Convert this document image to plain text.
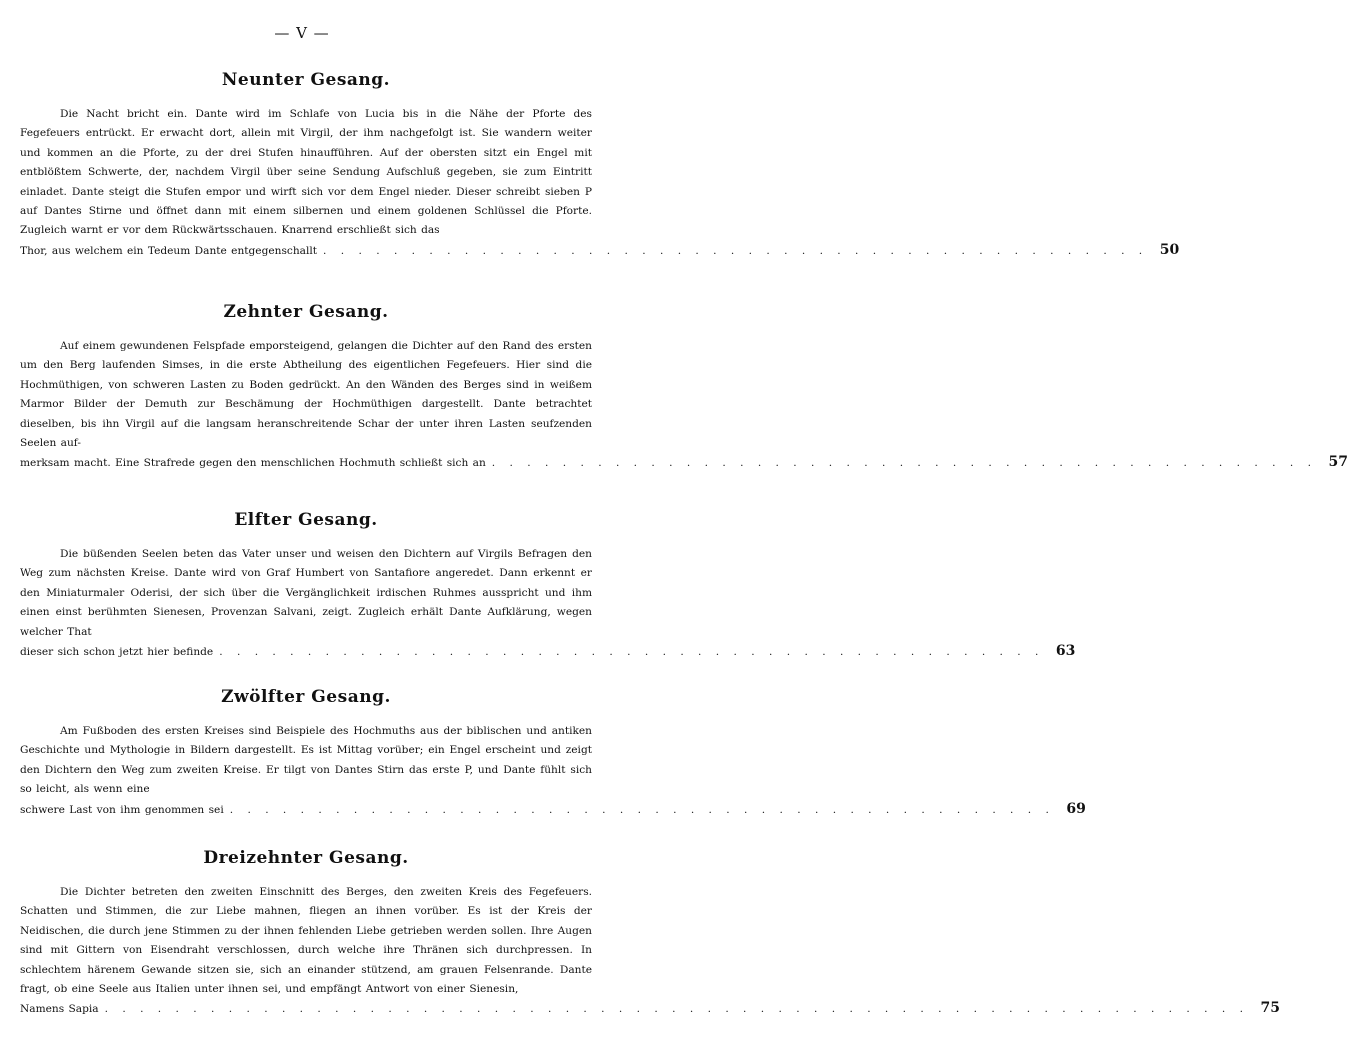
— V —
Neunter Gesang.

Die Nacht bricht ein. Dante wird im Schlafe von Lucia bis in die Nähe der Pforte des Fegefeuers entrückt. Er erwacht dort, allein mit Virgil, der ihm nachgefolgt ist. Sie wandern weiter und kommen an die Pforte, zu der drei Stufen hinaufführen. Auf der obersten sitzt ein Engel mit entblößtem Schwerte, der, nachdem Virgil über seine Sendung Aufschluß gegeben, sie zum Eintritt einladet. Dante steigt die Stufen empor und wirft sich vor dem Engel nieder. Dieser schreibt sieben P auf Dantes Stirne und öffnet dann mit einem silbernen und einem goldenen Schlüssel die Pforte. Zugleich warnt er vor dem Rückwärtsschauen. Knarrend erschließt sich das

Thor, aus welchem ein Tedeum Dante entgegenschallt . . . . . . . . . . . . . . . . . . . . . . . . . . . . . . . . . . . . . . . . . . . . . . . 50
Zehnter Gesang.

Auf einem gewundenen Felspfade emporsteigend, gelangen die Dichter auf den Rand des ersten um den Berg laufenden Simses, in die erste Abtheilung des eigentlichen Fegefeuers. Hier sind die Hochmüthigen, von schweren Lasten zu Boden gedrückt. An den Wänden des Berges sind in weißem Marmor Bilder der Demuth zur Beschämung der Hochmüthigen dargestellt. Dante betrachtet dieselben, bis ihn Virgil auf die langsam heranschreitende Schar der unter ihren Lasten seufzenden Seelen auf-

merksam macht. Eine Strafrede gegen den menschlichen Hochmuth schließt sich an . . . . . . . . . . . . . . . . . . . . . . . . . . . . . . . . . . . . . . . . . . . . . . . 57
Elfter Gesang.

Die büßenden Seelen beten das Vater unser und weisen den Dichtern auf Virgils Befragen den Weg zum nächsten Kreise. Dante wird von Graf Humbert von Santafiore angeredet. Dann erkennt er den Miniaturmaler Oderisi, der sich über die Vergänglichkeit irdischen Ruhmes ausspricht und ihm einen einst berühmten Sienesen, Provenzan Salvani, zeigt. Zugleich erhält Dante Aufklärung, wegen welcher That

dieser sich schon jetzt hier befinde . . . . . . . . . . . . . . . . . . . . . . . . . . . . . . . . . . . . . . . . . . . . . . . 63
Zwölfter Gesang.

Am Fußboden des ersten Kreises sind Beispiele des Hochmuths aus der biblischen und antiken Geschichte und Mythologie in Bildern dargestellt. Es ist Mittag vorüber; ein Engel erscheint und zeigt den Dichtern den Weg zum zweiten Kreise. Er tilgt von Dantes Stirn das erste P, und Dante fühlt sich so leicht, als wenn eine

schwere Last von ihm genommen sei . . . . . . . . . . . . . . . . . . . . . . . . . . . . . . . . . . . . . . . . . . . . . . . 69
Dreizehnter Gesang.

Die Dichter betreten den zweiten Einschnitt des Berges, den zweiten Kreis des Fegefeuers. Schatten und Stimmen, die zur Liebe mahnen, fliegen an ihnen vorüber. Es ist der Kreis der Neidischen, die durch jene Stimmen zu der ihnen fehlenden Liebe getrieben werden sollen. Ihre Augen sind mit Gittern von Eisendraht verschlossen, durch welche ihre Thränen sich durchpressen. In schlechtem härenem Gewande sitzen sie, sich an einander stützend, am grauen Felsenrande. Dante fragt, ob eine Seele aus Italien unter ihnen sei, und empfängt Antwort von einer Sienesin,

Namens Sapia . . . . . . . . . . . . . . . . . . . . . . . . . . . . . . . . . . . . . . . . . . . . . . . . . . . . . . . . . . . . . . . . . 75
